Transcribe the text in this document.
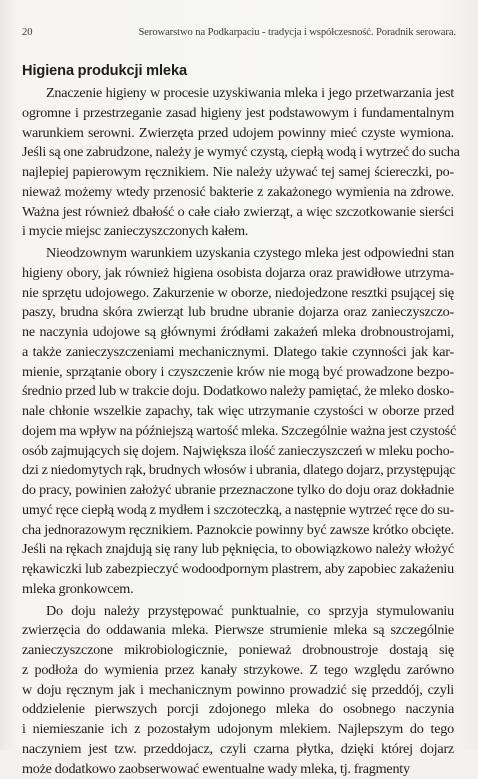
20	Serowarstwo na Podkarpaciu - tradycja i współczesność. Poradnik serowara.
Higiena produkcji mleka
Znaczenie higieny w procesie uzyskiwania mleka i jego przetwarzania jest
ogromne i przestrzeganie zasad higieny jest podstawowym i fundamentalnym
warunkiem serowni. Zwierzęta przed udojem powinny mieć czyste wymiona.
Jeśli są one zabrudzone, należy je wymyć czystą, ciepłą wodą i wytrzeć do sucha
najlepiej papierowym ręcznikiem. Nie należy używać tej samej ściereczki, po-
nieważ możemy wtedy przenosić bakterie z zakażonego wymienia na zdrowe.
Ważna jest również dbałość o całe ciało zwierząt, a więc szczotkowanie sierści
i mycie miejsc zanieczyszczonych kałem.
Nieodzownym warunkiem uzyskania czystego mleka jest odpowiedni stan
higieny obory, jak również higiena osobista dojarza oraz prawidłowe utrzyma-
nie sprzętu udojowego. Zakurzenie w oborze, niedojedzone resztki psującej się
paszy, brudna skóra zwierząt lub brudne ubranie dojarza oraz zanieczyszczo-
ne naczynia udojowe są głównymi źródłami zakażeń mleka drobnoustrojami,
a także zanieczyszczeniami mechanicznymi. Dlatego takie czynności jak kar-
mienie, sprzątanie obory i czyszczenie krów nie mogą być prowadzone bezpo-
średnio przed lub w trakcie doju. Dodatkowo należy pamiętać, że mleko dosko-
nale chłonie wszelkie zapachy, tak więc utrzymanie czystości w oborze przed
dojem ma wpływ na późniejszą wartość mleka. Szczególnie ważna jest czystość
osób zajmujących się dojem. Największa ilość zanieczyszczeń w mleku pocho-
dzi z niedomytych rąk, brudnych włosów i ubrania, dlatego dojarz, przystępując
do pracy, powinien założyć ubranie przeznaczone tylko do doju oraz dokładnie
umyć ręce ciepłą wodą z mydłem i szczoteczką, a następnie wytrzeć ręce do su-
cha jednorazowym ręcznikiem. Paznokcie powinny być zawsze krótko obcięte.
Jeśli na rękach znajdują się rany lub pęknięcia, to obowiązkowo należy włożyć
rękawiczki lub zabezpieczyć wodoodpornym plastrem, aby zapobiec zakażeniu
mleka gronkowcem.
Do doju należy przystępować punktualnie, co sprzyja stymulowaniu
zwierzęcia do oddawania mleka. Pierwsze strumienie mleka są szczególnie
zanieczyszczone mikrobiologicznie, ponieważ drobnoustroje dostają się
z podłoża do wymienia przez kanały strzykowe. Z tego względu zarówno
w doju ręcznym jak i mechanicznym powinno prowadzić się przeddój, czyli
oddzielenie pierwszych porcji zdojonego mleka do osobnego naczynia
i niemieszanie ich z pozostałym udojonym mlekiem. Najlepszym do tego
naczyniem jest tzw. przeddojacz, czyli czarna płytka, dzięki której dojarz
może dodatkowo zaobserwować ewentualne wady mleka, tj. fragmenty
